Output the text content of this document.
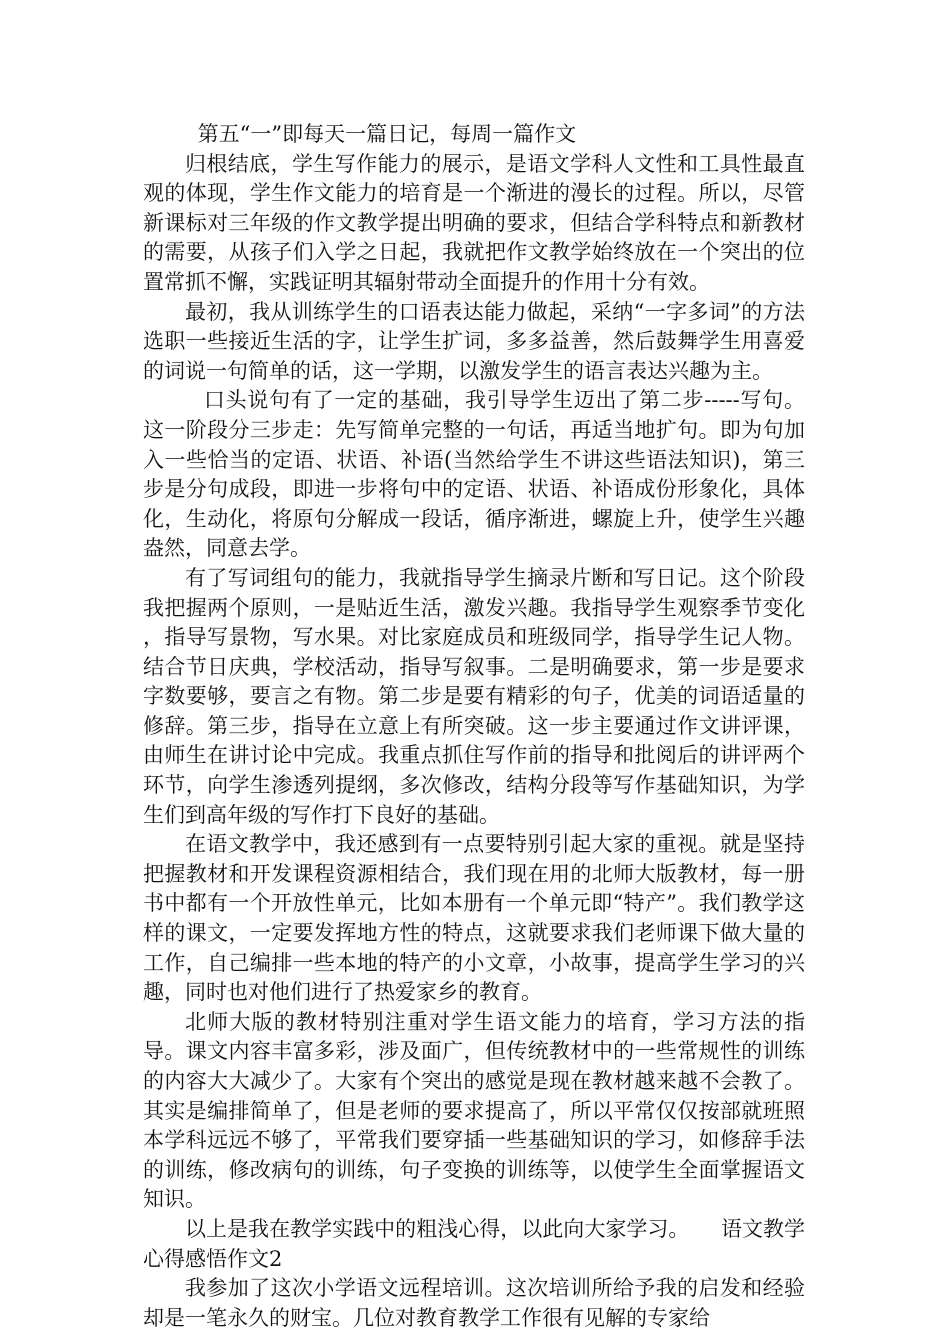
第五“一”即每天一篇日记，每周一篇作文

归根结底，学生写作能力的展示，是语文学科人文性和工具性最直观的体现，学生作文能力的培育是一个渐进的漫长的过程。所以，尽管新课标对三年级的作文教学提出明确的要求，但结合学科特点和新教材的需要，从孩子们入学之日起，我就把作文教学始终放在一个突出的位置常抓不懈，实践证明其辐射带动全面提升的作用十分有效。

最初，我从训练学生的口语表达能力做起，采纳“一字多词”的方法选职一些接近生活的字，让学生扩词，多多益善，然后鼓舞学生用喜爱的词说一句简单的话，这一学期，以激发学生的语言表达兴趣为主。

口头说句有了一定的基础，我引导学生迈出了第二步-----写句。这一阶段分三步走：先写简单完整的一句话，再适当地扩句。即为句加入一些恰当的定语、状语、补语(当然给学生不讲这些语法知识)，第三步是分句成段，即进一步将句中的定语、状语、补语成份形象化，具体化，生动化，将原句分解成一段话，循序渐进，螺旋上升，使学生兴趣盎然，同意去学。

有了写词组句的能力，我就指导学生摘录片断和写日记。这个阶段我把握两个原则，一是贴近生活，激发兴趣。我指导学生观察季节变化 ，指导写景物，写水果。对比家庭成员和班级同学，指导学生记人物。结合节日庆典，学校活动，指导写叙事。二是明确要求，第一步是要求字数要够，要言之有物。第二步是要有精彩的句子，优美的词语适量的修辞。第三步，指导在立意上有所突破。这一步主要通过作文讲评课，由师生在讲讨论中完成。我重点抓住写作前的指导和批阅后的讲评两个环节，向学生渗透列提纲，多次修改，结构分段等写作基础知识，为学生们到高年级的写作打下良好的基础。

在语文教学中，我还感到有一点要特别引起大家的重视。就是坚持把握教材和开发课程资源相结合，我们现在用的北师大版教材，每一册书中都有一个开放性单元，比如本册有一个单元即“特产”。我们教学这样的课文，一定要发挥地方性的特点，这就要求我们老师课下做大量的工作，自己编排一些本地的特产的小文章，小故事，提高学生学习的兴趣，同时也对他们进行了热爱家乡的教育。

北师大版的教材特别注重对学生语文能力的培育，学习方法的指导。课文内容丰富多彩，涉及面广，但传统教材中的一些常规性的训练的内容大大减少了。大家有个突出的感觉是现在教材越来越不会教了。其实是编排简单了，但是老师的要求提高了，所以平常仅仅按部就班照本学科远远不够了，平常我们要穿插一些基础知识的学习，如修辞手法的训练，修改病句的训练，句子变换的训练等，以使学生全面掌握语文知识。

以上是我在教学实践中的粗浅心得，以此向大家学习。　　语文教学心得感悟作文2

我参加了这次小学语文远程培训。这次培训所给予我的启发和经验却是一笔永久的财宝。几位对教育教学工作很有见解的专家给
